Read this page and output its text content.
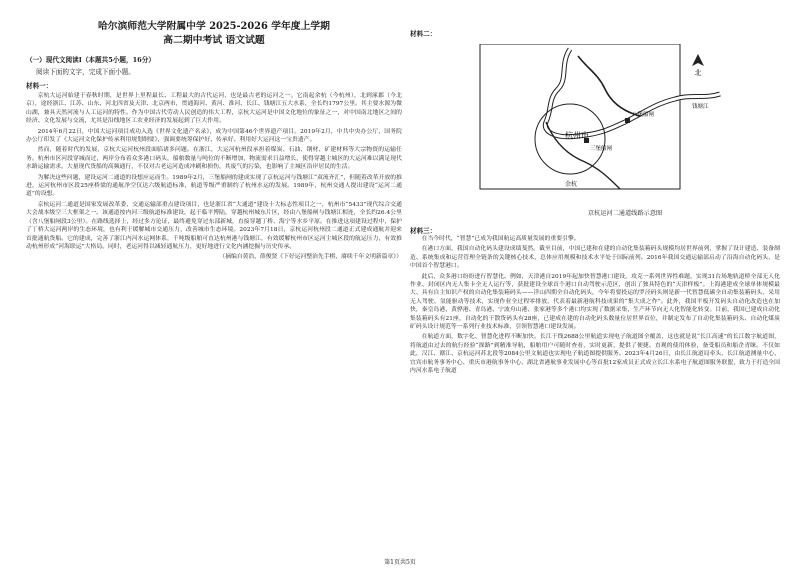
哈尔滨师范大学附属中学 2025-2026 学年度上学期

高二期中考试 语文试题

（一）现代文阅读Ⅰ（本题共5小题，16分）

阅读下面的文字，完成下面小题。

材料一：

京杭大运河始建于春秋时期，是世界上里程最长、工程最大的古代运河，也是最古老的运河之一。它南起余杭（今杭州），北到涿郡（今北京），途经浙江、江苏、山东、河北四省及天津、北京两市，贯通海河、黄河、淮河、长江、钱塘江五大水系，全长约1797公里。其主要水源为微山湖，兼具天然河流与人工运河的特性。作为中国古代劳动人民创造的伟大工程，京杭大运河是中国文化地位的象征之一，对中国南北地区之间的经济、文化发展与交流，尤其是沿线地区工农业经济的发展起到了巨大作用。

2014年6月22日，中国大运河项目成功入选《世界文化遗产名录》，成为中国第46个世界遗产项目。2019年2月，中共中央办公厅、国务院办公厅印发了《大运河文化保护传承利用规划纲要》，强调要统筹保护好、传承好、利用好大运河这一宝贵遗产。

然而，随着时代的发展，京杭大运河杭州段面临诸多问题。在浙江，大运河杭州段承担着煤炭、石油、钢材、矿建材料等大宗物资的运输任务。杭州市区河段穿城而过，两岸分布着众多港口码头，船舶数量与吨位的不断增加，物流需求日益增长，使得穿越主城区的大运河难以满足现代水路运输需求。大量现代货船的高频通行，不仅对古老运河造成冲刷和损伤，其废气的污染，也影响了主城区沿岸居民的生活。

为解决这些问题，建设运河二通道的设想应运而生。1989年2月，三堡船闸的建成实现了京杭运河与钱塘江“双流齐汇”，但随着改革开放的推进，运河杭州市区段25座桥梁的通航净空仅达六级航道标准，航道等级严重制约了杭州水运的发展。1989年，杭州交通人提出建设“运河二通道”的设想。

京杭运河二通道是国家发展改革委、交通运输部重点建设项目，也是浙江省“大通道”建设十大标志性项目之一，杭州市“5433”现代综合交通大会战本级空三大框架之一。该通道按内河三级航道标准建设，起于临平博陆，穿越杭州城东片区，经由八堡船闸与钱塘江相连，全长约26.4公里（含八堡船闸段3公里）。在路线选择上，经过多方论证，最终避免穿过东部新城，直接穿越丁桥、海宁等水乡平原。在推进这项建设过程中，保护了丁桥大运河两岸的生态环境，也有利于缓解城市交通压力，改善城市生态环境。2023年7月18日，京杭运河杭州段二通道正式建成通航并迎来首批通航货船。它的建成，完善了浙江内河水运网体系，千吨级船舶可直达杭州港与钱塘江，有效缓解杭州市区运河主城区段的航运压力，有效推动杭州形成“河海联运”大格局。同时，老运河得以减轻通航压力，更好地进行文化内涵挖掘与历史传承。

（摘编自黄浩、薛俊贤《下好运河整治先手棋，赓续千年文明新篇章》）

材料二：

北
杭州市
三堡船闸
八堡船闸
钱塘江
余杭

京杭运河二通道线路示意图

材料三：

在当今时代，“智慧”已成为我国航运高质量发展的重要引擎。

在港口方面，我国自动化码头建设成绩斐然。截至目前，中国已建和在建的自动化集装箱码头规模均居世界前列，掌握了设计建造、装备制造、系统集成和运营管理全链条的关键核心技术，总体应用规模和技术水平处于国际前列。2016年我国交通运输部启动了沿海自动化码头，是中国首个智慧港口。

此后，众多港口纷纷进行智慧化。例如，天津港自2019年起加快智慧港口建设，攻克一系列世界性难题，实现31台场地轨道桥全部无人化作业、封闭区内无人集卡全无人运行等，获批建设全球首个港口自动驾驶示范区，创出了独具特色的“天津样板”。上海港建成全球单体规模最大、具有自主知识产权的自动化集装箱码头——洋山四期全自动化码头，今年将要投运的罗泾码头则是新一代智慧低碳全自动集装箱码头，采用无人驾驶、氢能驱动等技术，实现作业全过程零排放，代表着最新港航科技成果的“集大成之作”。此外，我国平板开发码头自动化改造也在加快，秦皇岛港、黄骅港、青岛港、宁波舟山港、张家港等多个港口均实现了数据采集，生产环节向无人化智能化转变。目前，我国已建成自动化集装箱码头有21座，自动化的干散货码头有28座，已建成在建的自动化码头数量位居世界首位，并制定发布了自动化集装箱码头、自动化煤炭矿码头设计规范等一系列行业技术标准，引领智慧港口建设发展。

在航道方面，数字化、智慧化进程不断加快。长江干线2688公里航道实现电子航道图全覆盖，这也就是说“长江高速”的长江数字航道图，将航道由过去的航行经验“探路”到精准导航，船舶用户可随时查看，实时更新，提供了便捷、直观的使用体验，备受船员和船企青睐。不仅如此，汉江、赣江、京杭运河苏北段等2084公里文航道也实现电子航道图提供服务。2023年4月26日，由长江航道局牵头，长江航道测量中心、宜宾市航务事务中心、重庆市港航事务中心、湖北省港航事业发展中心等首批12家成员正式成立长江水系电子航道图服务联盟，致力于打造全国内河水系电子航道

第1页共5页
